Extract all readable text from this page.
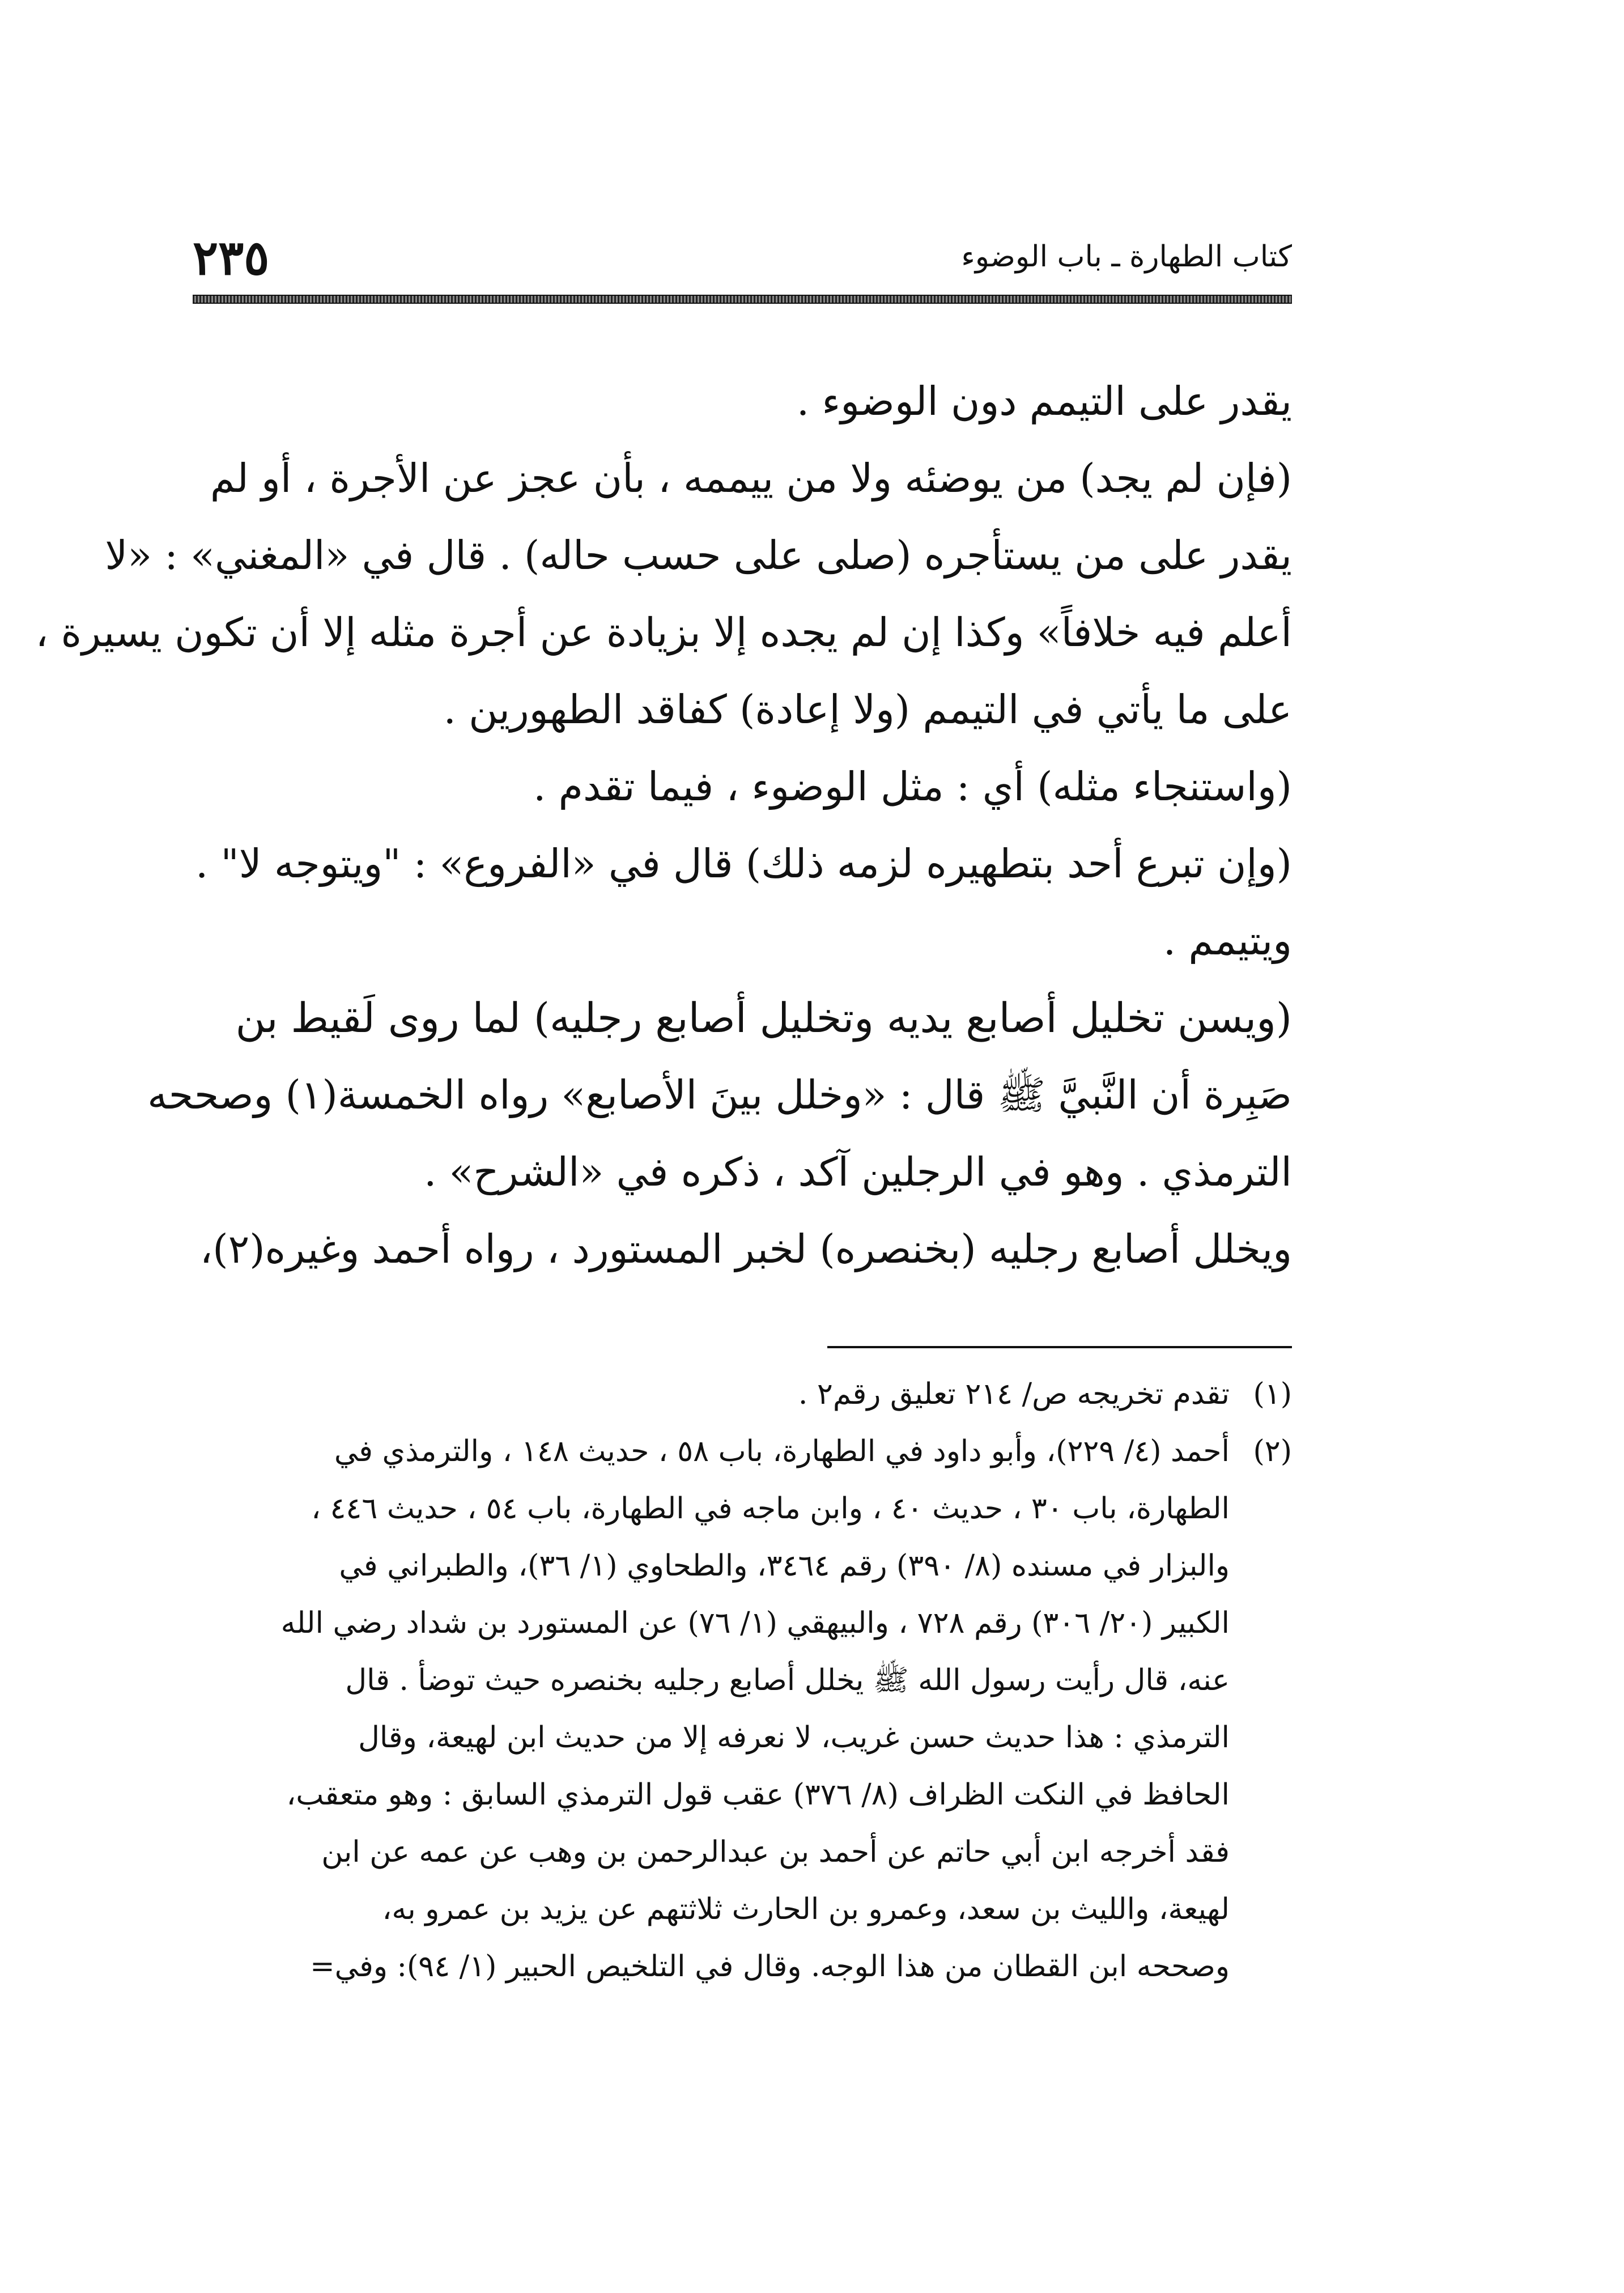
٢٣٥	كتاب الطهارة ـ باب الوضوء
يقدر على التيمم دون الوضوء .
(فإن لم يجد) من يوضئه ولا من ييممه ، بأن عجز عن الأجرة ، أو لم
يقدر على من يستأجره (صلى على حسب حاله) . قال في «المغني» : «لا
أعلم فيه خلافاً» وكذا إن لم يجده إلا بزيادة عن أجرة مثله إلا أن تكون يسيرة ،
على ما يأتي في التيمم (ولا إعادة) كفاقد الطهورين .
(واستنجاء مثله) أي : مثل الوضوء ، فيما تقدم .
(وإن تبرع أحد بتطهيره لزمه ذلك) قال في «الفروع» : "ويتوجه لا" .
ويتيمم .
(ويسن تخليل أصابع يديه وتخليل أصابع رجليه) لما روى لَقيط بن
صَبِرة أن النَّبيَّ ﷺ قال : «وخلل بينَ الأصابع» رواه الخمسة(١) وصححه
الترمذي . وهو في الرجلين آكد ، ذكره في «الشرح» .
ويخلل أصابع رجليه (بخنصره) لخبر المستورد ، رواه أحمد وغيره(٢)،
(١)
تقدم تخريجه ص/ ٢١٤ تعليق رقم٢ .
(٢)
أحمد (٤/ ٢٢٩)، وأبو داود في الطهارة، باب ٥٨ ، حديث ١٤٨ ، والترمذي في
الطهارة، باب ٣٠ ، حديث ٤٠ ، وابن ماجه في الطهارة، باب ٥٤ ، حديث ٤٤٦ ،
والبزار في مسنده (٨/ ٣٩٠) رقم ٣٤٦٤، والطحاوي (١/ ٣٦)، والطبراني في
الكبير (٢٠/ ٣٠٦) رقم ٧٢٨ ، والبيهقي (١/ ٧٦) عن المستورد بن شداد رضي الله
عنه، قال رأيت رسول الله ﷺ يخلل أصابع رجليه بخنصره حيث توضأ . قال
الترمذي : هذا حديث حسن غريب، لا نعرفه إلا من حديث ابن لهيعة، وقال
الحافظ في النكت الظراف (٨/ ٣٧٦) عقب قول الترمذي السابق : وهو متعقب،
فقد أخرجه ابن أبي حاتم عن أحمد بن عبدالرحمن بن وهب عن عمه عن ابن
لهيعة، والليث بن سعد، وعمرو بن الحارث ثلاثتهم عن يزيد بن عمرو به،
وصححه ابن القطان من هذا الوجه. وقال في التلخيص الحبير (١/ ٩٤): وفي=
